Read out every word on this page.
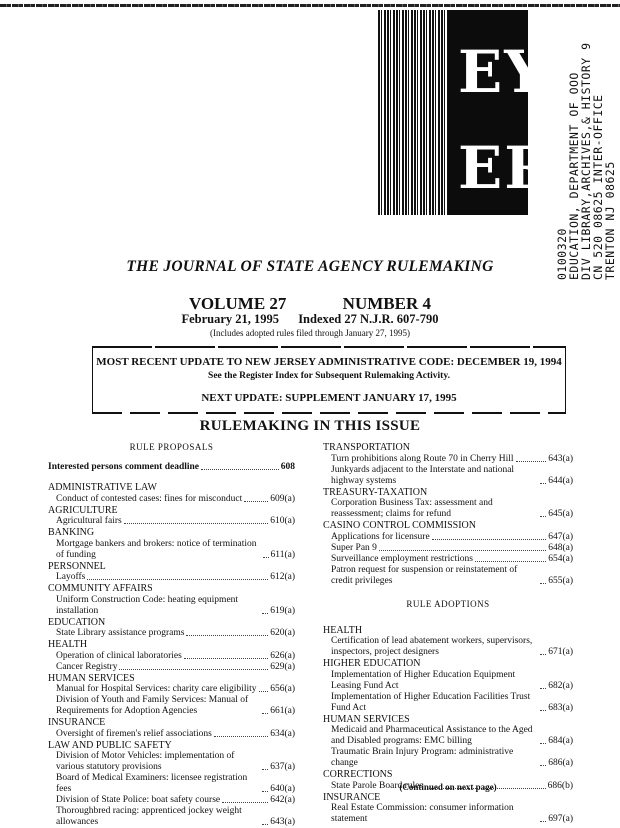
EY
ER
0100320
EDUCATION, DEPARTMENT OF OOO
DIV LIBRARY,ARCHIVES,& HISTORY 9
CN 520 08625 INTER-OFFICE
TRENTON NJ 08625
THE JOURNAL OF STATE AGENCY RULEMAKING
VOLUME 27	NUMBER 4
February 21, 1995 Indexed 27 N.J.R. 607-790
(Includes adopted rules filed through January 27, 1995)

MOST RECENT UPDATE TO NEW JERSEY ADMINISTRATIVE CODE: DECEMBER 19, 1994

See the Register Index for Subsequent Rulemaking Activity.

NEXT UPDATE: SUPPLEMENT JANUARY 17, 1995

RULEMAKING IN THIS ISSUE
RULE PROPOSALS
Interested persons comment deadline	608
ADMINISTRATIVE LAW
Conduct of contested cases: fines for misconduct	609(a)
AGRICULTURE
Agricultural fairs	610(a)
BANKING
Mortgage bankers and brokers: notice of termination of funding	611(a)
PERSONNEL
Layoffs	612(a)
COMMUNITY AFFAIRS
Uniform Construction Code: heating equipment installation	619(a)
EDUCATION
State Library assistance programs	620(a)
HEALTH
Operation of clinical laboratories	626(a)
Cancer Registry	629(a)
HUMAN SERVICES
Manual for Hospital Services: charity care eligibility 656(a)
Division of Youth and Family Services: Manual of Requirements for Adoption Agencies	661(a)
INSURANCE
Oversight of firemen's relief associations	634(a)
LAW AND PUBLIC SAFETY
Division of Motor Vehicles: implementation of various statutory provisions	637(a)
Board of Medical Examiners: licensee registration fees	640(a)
Division of State Police: boat safety course	642(a)
Thoroughbred racing: apprenticed jockey weight allowances	643(a)
TRANSPORTATION
Turn prohibitions along Route 70 in Cherry Hill	643(a)
Junkyards adjacent to the Interstate and national highway systems	644(a)
TREASURY-TAXATION
Corporation Business Tax: assessment and reassessment; claims for refund	645(a)
CASINO CONTROL COMMISSION
Applications for licensure	647(a)
Super Pan 9	648(a)
Surveillance employment restrictions	654(a)
Patron request for suspension or reinstatement of credit privileges	655(a)
RULE ADOPTIONS
HEALTH
Certification of lead abatement workers, supervisors, inspectors, project designers	671(a)
HIGHER EDUCATION
Implementation of Higher Education Equipment Leasing Fund Act	682(a)
Implementation of Higher Education Facilities Trust Fund Act	683(a)
HUMAN SERVICES
Medicaid and Pharmaceutical Assistance to the Aged and Disabled programs: EMC billing	684(a)
Traumatic Brain Injury Program: administrative change	686(a)
CORRECTIONS
State Parole Board rules	686(b)
INSURANCE
Real Estate Commission: consumer information statement	697(a)
(Continued on next page)
